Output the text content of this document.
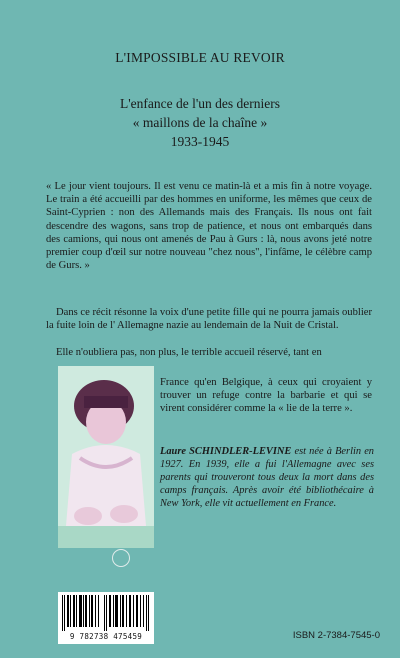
L'IMPOSSIBLE AU REVOIR
L'enfance de l'un des derniers
« maillons de la chaîne »
1933-1945
« Le jour vient toujours. Il est venu ce matin-là et a mis fin à notre voyage. Le train a été accueilli par des hommes en uniforme, les mêmes que ceux de Saint-Cyprien : non des Allemands mais des Français. Ils nous ont fait descendre des wagons, sans trop de patience, et nous ont embarqués dans des camions, qui nous ont amenés de Pau à Gurs : là, nous avons jeté notre premier coup d'œil sur notre nouveau "chez nous", l'infâme, le célèbre camp de Gurs. »
Dans ce récit résonne la voix d'une petite fille qui ne pourra jamais oublier la fuite loin de l' Allemagne nazie au lendemain de la Nuit de Cristal.
Elle n'oubliera pas, non plus, le terrible accueil réservé, tant en
France qu'en Belgique, à ceux qui croyaient y trouver un refuge contre la barbarie et qui se virent considérer comme la « lie de la terre ».
Laure SCHINDLER-LEVINE est née à Berlin en 1927. En 1939, elle a fui l'Allemagne avec ses parents qui trouveront tous deux la mort dans des camps français. Après avoir été bibliothécaire à New York, elle vit actuellement en France.
9 782738 475459	ISBN 2-7384-7545-0
